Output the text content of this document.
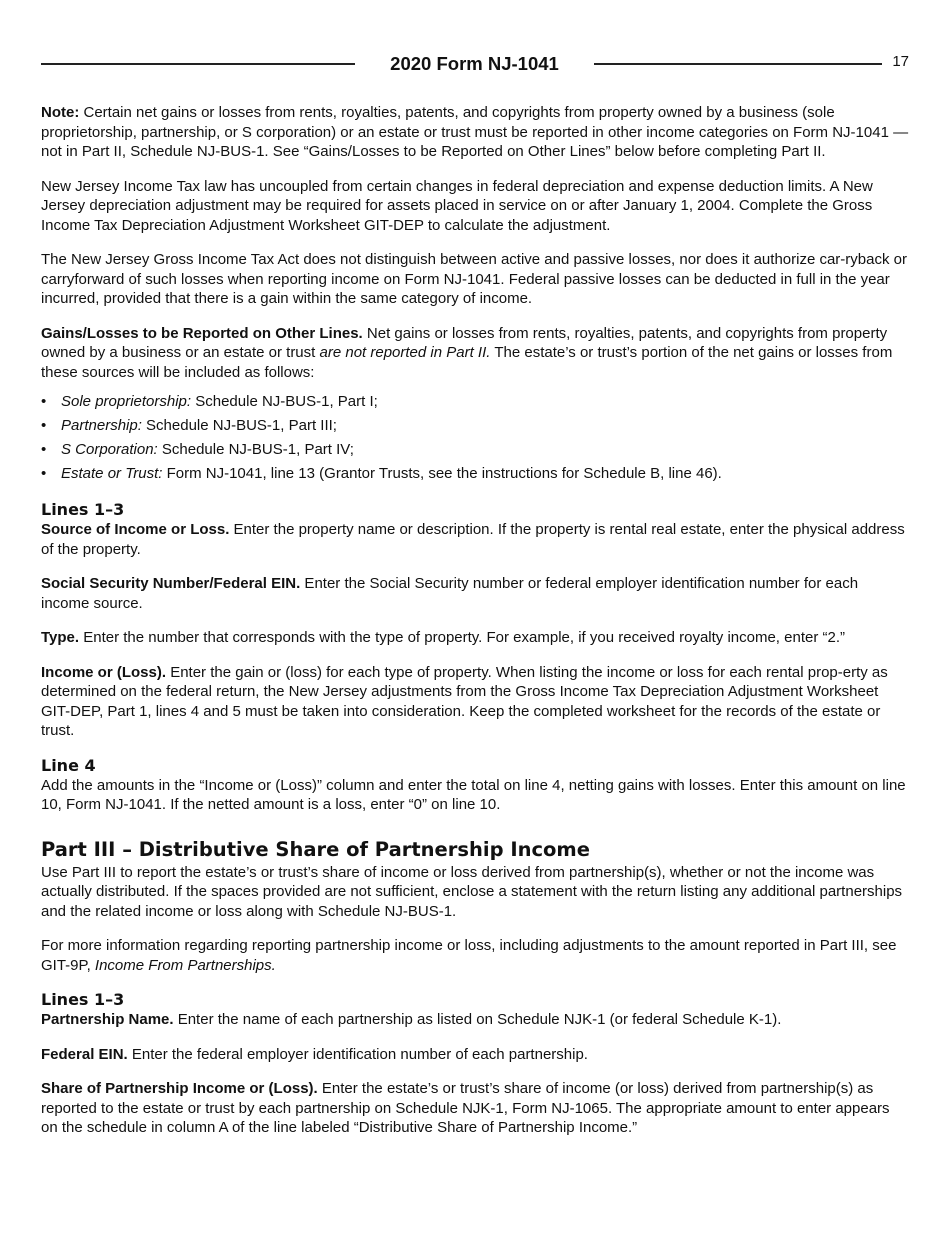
2020 Form NJ-1041	17

Note: Certain net gains or losses from rents, royalties, patents, and copyrights from property owned by a business (sole proprietorship, partnership, or S corporation) or an estate or trust must be reported in other income categories on Form NJ-1041 — not in Part II, Schedule NJ-BUS-1. See “Gains/Losses to be Reported on Other Lines” below before completing Part II.

New Jersey Income Tax law has uncoupled from certain changes in federal depreciation and expense deduction limits. A New Jersey depreciation adjustment may be required for assets placed in service on or after January 1, 2004. Complete the Gross Income Tax Depreciation Adjustment Worksheet GIT-DEP to calculate the adjustment.

The New Jersey Gross Income Tax Act does not distinguish between active and passive losses, nor does it authorize car-ryback or carryforward of such losses when reporting income on Form NJ-1041. Federal passive losses can be deducted in full in the year incurred, provided that there is a gain within the same category of income.

Gains/Losses to be Reported on Other Lines. Net gains or losses from rents, royalties, patents, and copyrights from property owned by a business or an estate or trust are not reported in Part II. The estate’s or trust’s portion of the net gains or losses from these sources will be included as follows:

• Sole proprietorship: Schedule NJ-BUS-1, Part I;
• Partnership: Schedule NJ-BUS-1, Part III;
• S Corporation: Schedule NJ-BUS-1, Part IV;
• Estate or Trust: Form NJ-1041, line 13 (Grantor Trusts, see the instructions for Schedule B, line 46).
Lines 1–3

Source of Income or Loss. Enter the property name or description. If the property is rental real estate, enter the physical address of the property.

Social Security Number/Federal EIN. Enter the Social Security number or federal employer identification number for each income source.

Type. Enter the number that corresponds with the type of property. For example, if you received royalty income, enter “2.”

Income or (Loss). Enter the gain or (loss) for each type of property. When listing the income or loss for each rental prop-erty as determined on the federal return, the New Jersey adjustments from the Gross Income Tax Depreciation Adjustment Worksheet GIT-DEP, Part 1, lines 4 and 5 must be taken into consideration. Keep the completed worksheet for the records of the estate or trust.

Line 4

Add the amounts in the “Income or (Loss)” column and enter the total on line 4, netting gains with losses. Enter this amount on line 10, Form NJ-1041. If the netted amount is a loss, enter “0” on line 10.

Part III – Distributive Share of Partnership Income

Use Part III to report the estate’s or trust’s share of income or loss derived from partnership(s), whether or not the income was actually distributed. If the spaces provided are not sufficient, enclose a statement with the return listing any additional partnerships and the related income or loss along with Schedule NJ-BUS-1.

For more information regarding reporting partnership income or loss, including adjustments to the amount reported in Part III, see GIT-9P, Income From Partnerships.

Lines 1–3

Partnership Name. Enter the name of each partnership as listed on Schedule NJK-1 (or federal Schedule K-1).

Federal EIN. Enter the federal employer identification number of each partnership.

Share of Partnership Income or (Loss). Enter the estate’s or trust’s share of income (or loss) derived from partnership(s) as reported to the estate or trust by each partnership on Schedule NJK-1, Form NJ-1065. The appropriate amount to enter appears on the schedule in column A of the line labeled “Distributive Share of Partnership Income.”
